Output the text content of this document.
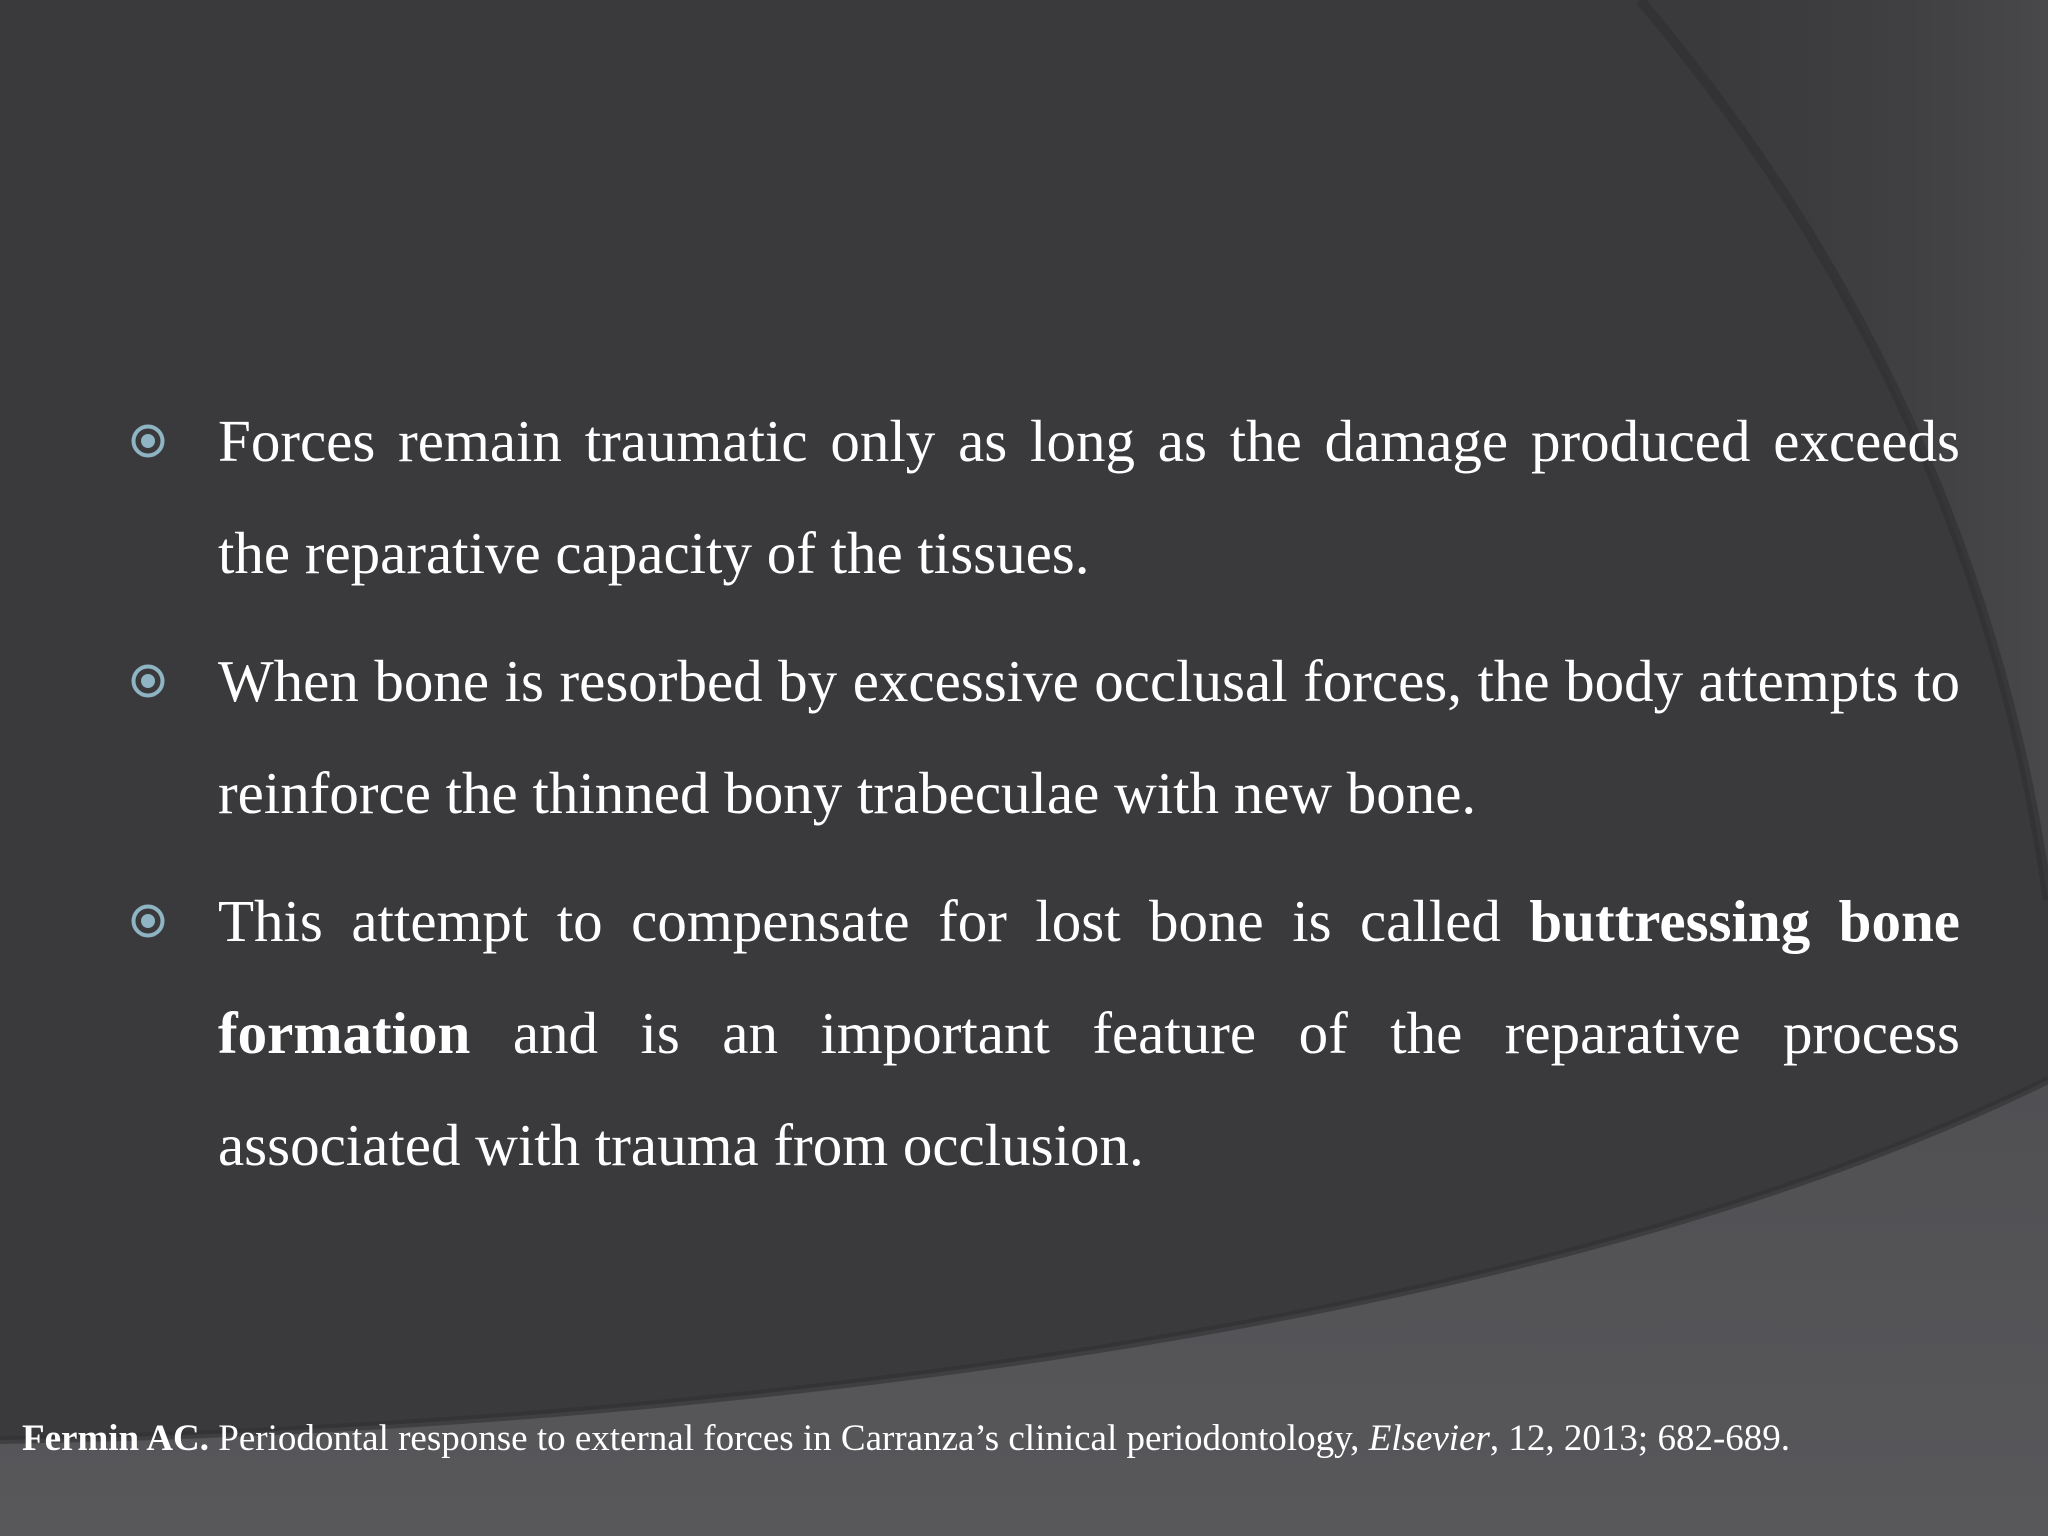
Forces remain traumatic only as long as the damage produced exceeds the reparative capacity of the tissues.
When bone is resorbed by excessive occlusal forces, the body attempts to reinforce the thinned bony trabeculae with new bone.
This attempt to compensate for lost bone is called buttressing bone formation and is an important feature of the reparative process associated with trauma from occlusion.
Fermin AC. Periodontal response to external forces in Carranza’s clinical periodontology, Elsevier, 12, 2013; 682-689.
